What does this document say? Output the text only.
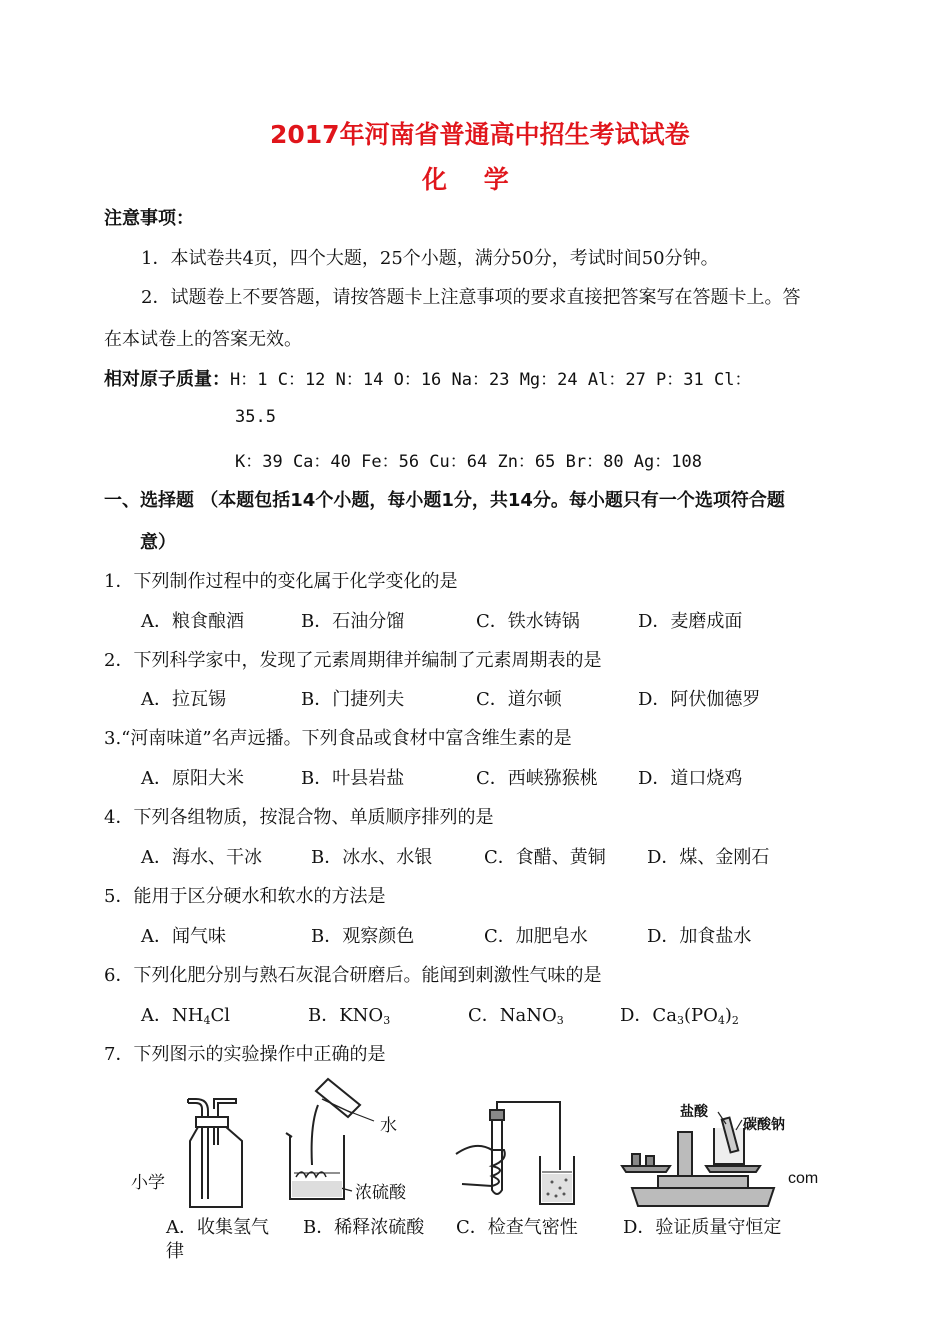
2017年河南省普通高中招生考试试卷
化 学
注意事项：
1．本试卷共4页，四个大题，25个小题，满分50分，考试时间50分钟。
2．试题卷上不要答题，请按答题卡上注意事项的要求直接把答案写在答题卡上。答
在本试卷上的答案无效。
相对原子质量：H：1 C：12 N：14 O：16 Na：23 Mg：24 Al：27 P：31 Cl：
35.5
K：39 Ca：40 Fe：56 Cu：64 Zn：65 Br：80 Ag：108
一、选择题 （本题包括14个小题，每小题1分，共14分。每小题只有一个选项符合题
意）
1．下列制作过程中的变化属于化学变化的是
A．粮食酿酒	B．石油分馏	C．铁水铸锅	D．麦磨成面
2．下列科学家中，发现了元素周期律并编制了元素周期表的是
A．拉瓦锡	B．门捷列夫	C．道尔顿	D．阿伏伽德罗
3.“河南味道”名声远播。下列食品或食材中富含维生素的是
A．原阳大米	B．叶县岩盐	C．西峡猕猴桃 D．道口烧鸡
4．下列各组物质，按混合物、单质顺序排列的是
A．海水、干冰	B．冰水、水银	C．食醋、黄铜 D．煤、金刚石
5．能用于区分硬水和软水的方法是
A．闻气味	B．观察颜色	C．加肥皂水	D．加食盐水
6．下列化肥分别与熟石灰混合研磨后。能闻到刺激性气味的是
A．$NH_4Cl$	B．$KNO_3$	C．NaNO$_3$	D．$Ca_3(PO_4)_2$
7．下列图示的实验操作中正确的是
小学	com
水
浓硫酸
盐酸
碳酸钠
A．收集氢气 B．稀释浓硫酸 C．检查气密性	D．验证质量守恒定
律
